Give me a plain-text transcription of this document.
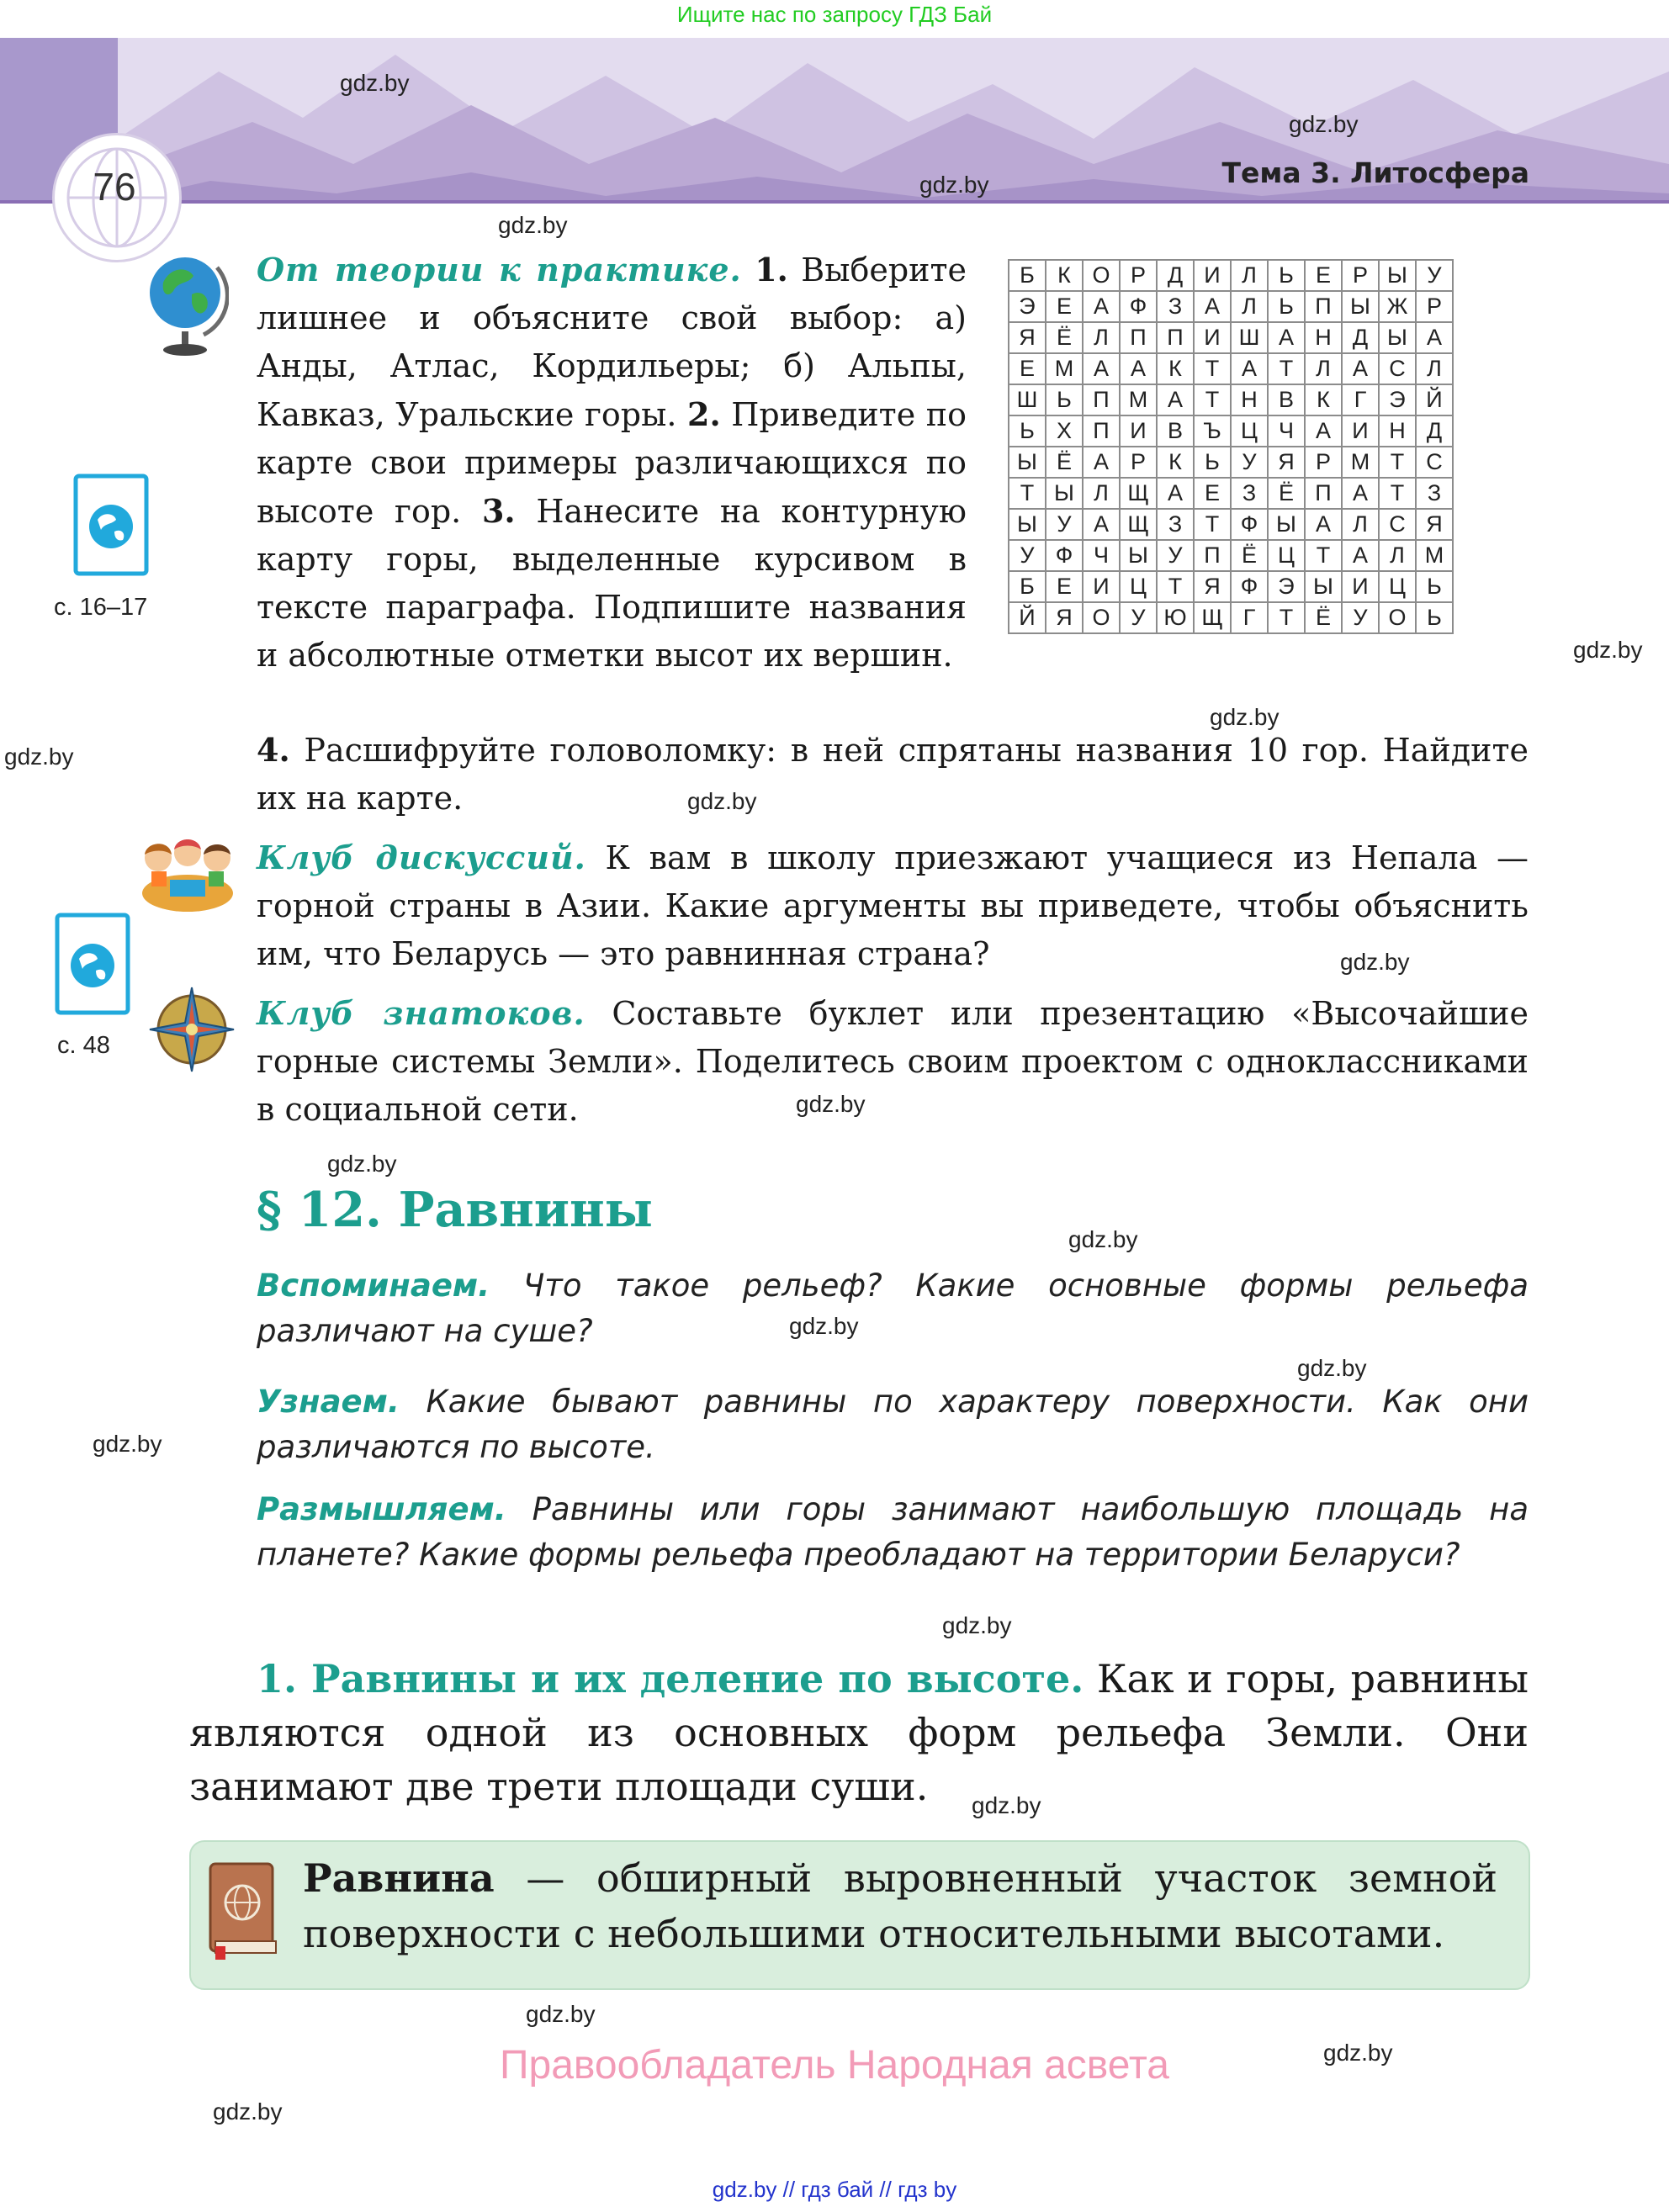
Ищите нас по запросу ГДЗ Бай
76	Тема 3. Литосфера
gdz.by
gdz.by
gdz.by
gdz.by
gdz.by
gdz.by
gdz.by
gdz.by
gdz.by
gdz.by
gdz.by
gdz.by
gdz.by
gdz.by
gdz.by
gdz.by
gdz.by
gdz.by
gdz.by
gdz.by
с. 16–17
с. 48
От теории к практике. 1. Выберите лишнее и объясните свой выбор: а) Анды, Атлас, Кордильеры; б) Альпы, Кавказ, Уральские горы. 2. Приведите по карте свои примеры различающихся по высоте гор. 3. Нанесите на контурную карту горы, выделенные курсивом в тексте параграфа. Подпишите названия и абсолютные отметки высот их вершин.
4. Расшифруйте головоломку: в ней спрятаны названия 10 гор. Найдите их на карте.
Б	К	О	Р	Д	И	Л	Ь	Е	Р	Ы	У
Э	Е	А	Ф	З	А	Л	Ь	П	Ы	Ж	Р
Я	Ё	Л	П	П	И	Ш	А	Н	Д	Ы	А
Е	М	А	А	К	Т	А	Т	Л	А	С	Л
Ш	Ь	П	М	А	Т	Н	В	К	Г	Э	Й
Ь	Х	П	И	В	Ъ	Ц	Ч	А	И	Н	Д
Ы	Ё	А	Р	К	Ь	У	Я	Р	М	Т	С
Т	Ы	Л	Щ	А	Е	З	Ё	П	А	Т	З
Ы	У	А	Щ	З	Т	Ф	Ы	А	Л	С	Я
У	Ф	Ч	Ы	У	П	Ё	Ц	Т	А	Л	М
Б	Е	И	Ц	Т	Я	Ф	Э	Ы	И	Ц	Ь
Й	Я	О	У	Ю	Щ	Г	Т	Ё	У	О	Ь
Клуб дискуссий. К вам в школу приезжают учащиеся из Непала — горной страны в Азии. Какие аргументы вы приведете, чтобы объяснить им, что Беларусь — это равнинная страна?
Клуб знатоков. Составьте буклет или презентацию «Высочайшие горные системы Земли». Поделитесь своим проектом с одноклассниками в социальной сети.
§ 12. Равнины
Вспоминаем. Что такое рельеф? Какие основные формы рельефа различают на суше?
Узнаем. Какие бывают равнины по характеру поверхности. Как они различаются по высоте.
Размышляем. Равнины или горы занимают наибольшую площадь на планете? Какие формы рельефа преобладают на территории Беларуси?
1. Равнины и их деление по высоте. Как и горы, равнины являются одной из основных форм рельефа Земли. Они занимают две трети площади суши.
Равнина — обширный выровненный участок земной поверхности с небольшими относительными высотами.
Правообладатель Народная асвета
gdz.by // гдз бай // гдз by
